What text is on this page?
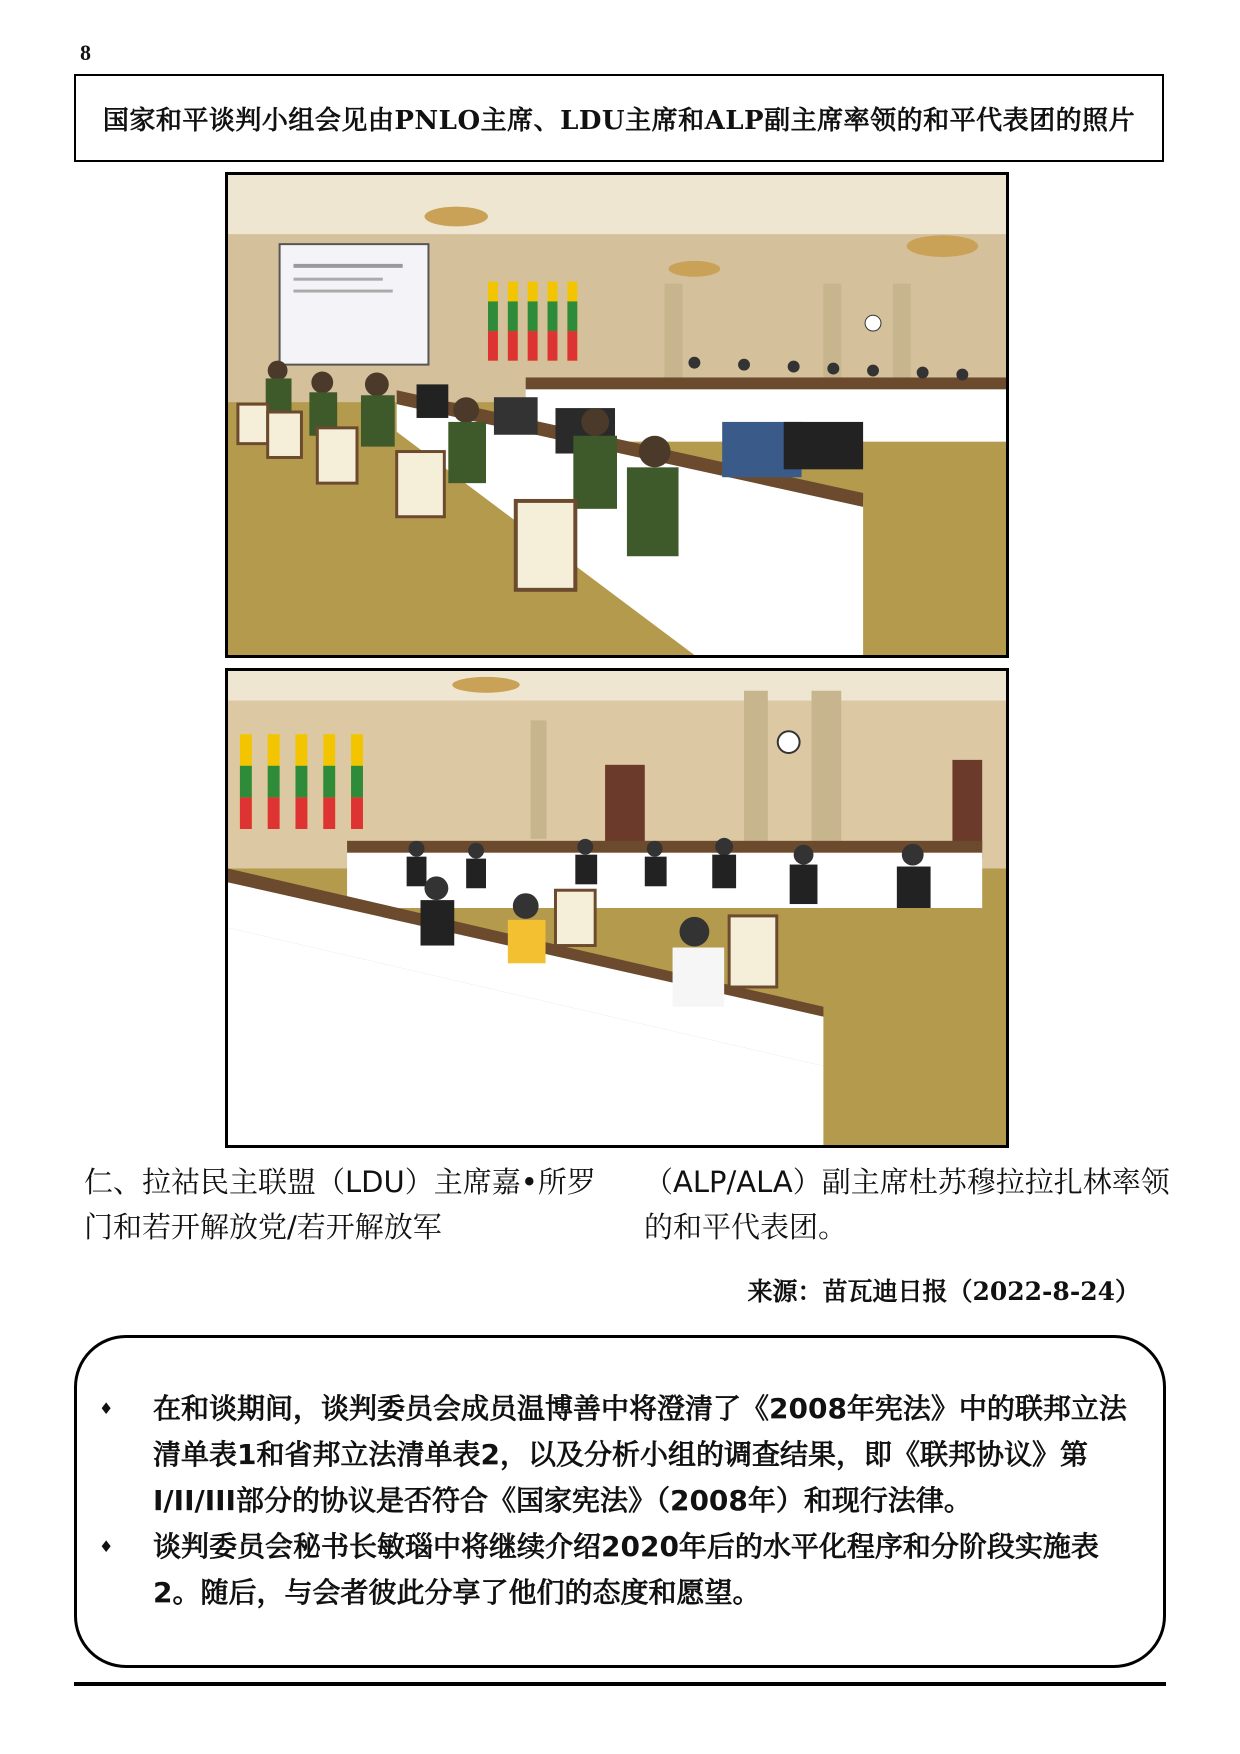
8
国家和平谈判小组会见由PNLO主席、LDU主席和ALP副主席率领的和平代表团的照片
仁、拉祜民主联盟（LDU）主席嘉•所罗门和若开解放党/若开解放军
（ALP/ALA）副主席杜苏穆拉拉扎林率领的和平代表团。
来源：苗瓦迪日报（2022-8-24）
♦	在和谈期间，谈判委员会成员温博善中将澄清了《2008年宪法》中的联邦立法清单表1和省邦立法清单表2，以及分析小组的调查结果，即《联邦协议》第I/II/III部分的协议是否符合《国家宪法》（2008年）和现行法律。
♦	谈判委员会秘书长敏瑙中将继续介绍2020年后的水平化程序和分阶段实施表2。随后，与会者彼此分享了他们的态度和愿望。
